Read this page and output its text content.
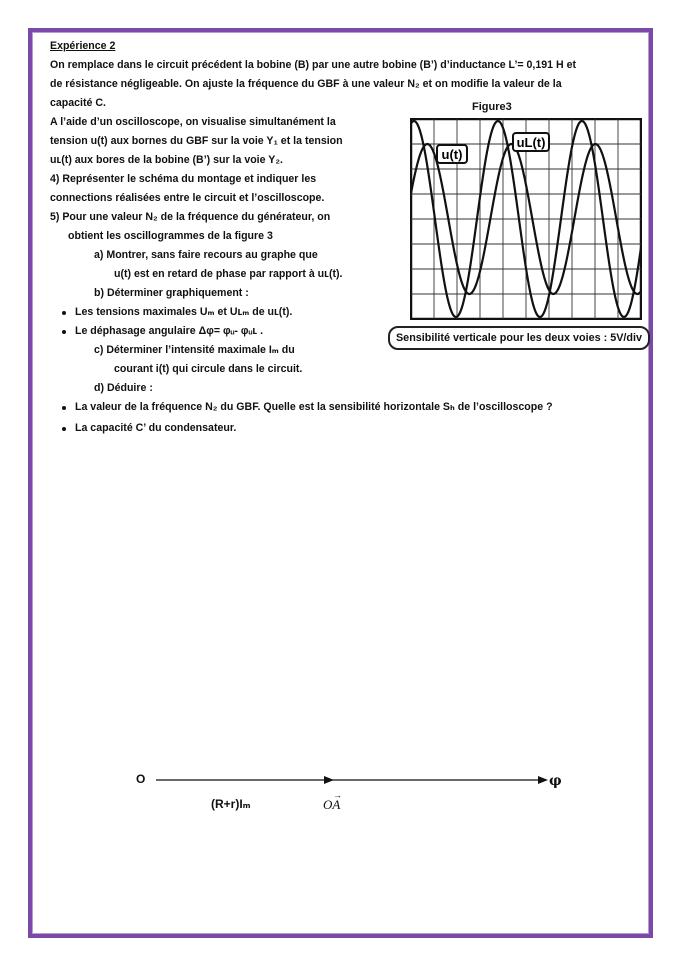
Expérience 2
On remplace dans le circuit précédent la bobine (B) par une autre bobine (B’) d’inductance L’= 0,191 H et
de résistance négligeable. On ajuste la fréquence du GBF à une valeur N₂ et on modifie la valeur de la
capacité C.
A l’aide d’un oscilloscope, on visualise simultanément la
tension u(t) aux bornes du GBF sur la voie Y₁ et la tension
uʟ(t) aux bores de la bobine (B’) sur la voie Y₂.
4) Représenter le schéma du montage et indiquer les
connections réalisées entre le circuit et l’oscilloscope.
5) Pour une valeur N₂ de la fréquence du générateur, on
obtient les oscillogrammes de la figure 3
a) Montrer, sans faire recours au graphe que
u(t) est en retard de phase par rapport à uʟ(t).
b) Déterminer graphiquement :
Les tensions maximales Uₘ et Uʟₘ de uʟ(t).
Le déphasage angulaire Δφ= φᵤ- φᵤʟ .
c) Déterminer l’intensité maximale Iₘ du
courant i(t) qui circule dans le circuit.
d) Déduire :
La valeur de la fréquence N₂ du GBF. Quelle est la sensibilité horizontale Sₕ de l’oscilloscope ?
La capacité C’ du condensateur.
Figure3
u(t)
uL(t)
Sensibilité verticale pour les deux voies : 5V/div
O	φ
(R+r)Iₘ	OA
→
